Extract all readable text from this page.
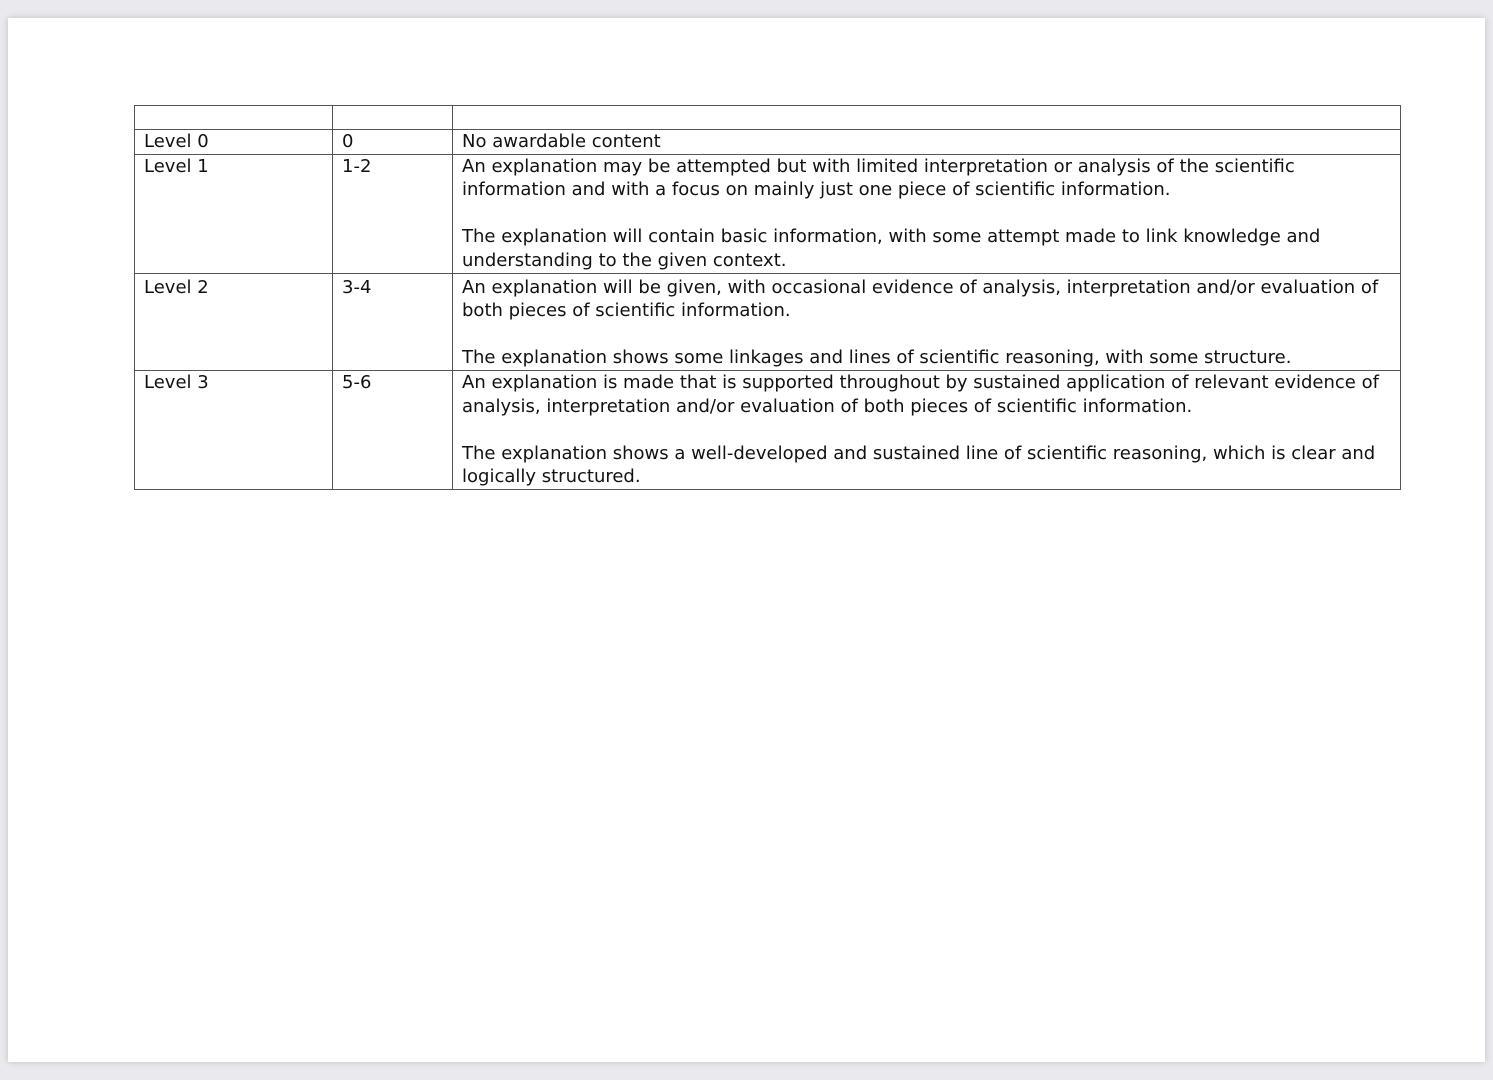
Level 0	0	No awardable content

Level 1	1-2	An explanation may be attempted but with limited interpretation or analysis of the scientific information and with a focus on mainly just one piece of scientific information.

The explanation will contain basic information, with some attempt made to link knowledge and understanding to the given context.

Level 2	3-4	An explanation will be given, with occasional evidence of analysis, interpretation and/or evaluation of both pieces of scientific information.

The explanation shows some linkages and lines of scientific reasoning, with some structure.

Level 3	5-6	An explanation is made that is supported throughout by sustained application of relevant evidence of analysis, interpretation and/or evaluation of both pieces of scientific information.

The explanation shows a well-developed and sustained line of scientific reasoning, which is clear and logically structured.
